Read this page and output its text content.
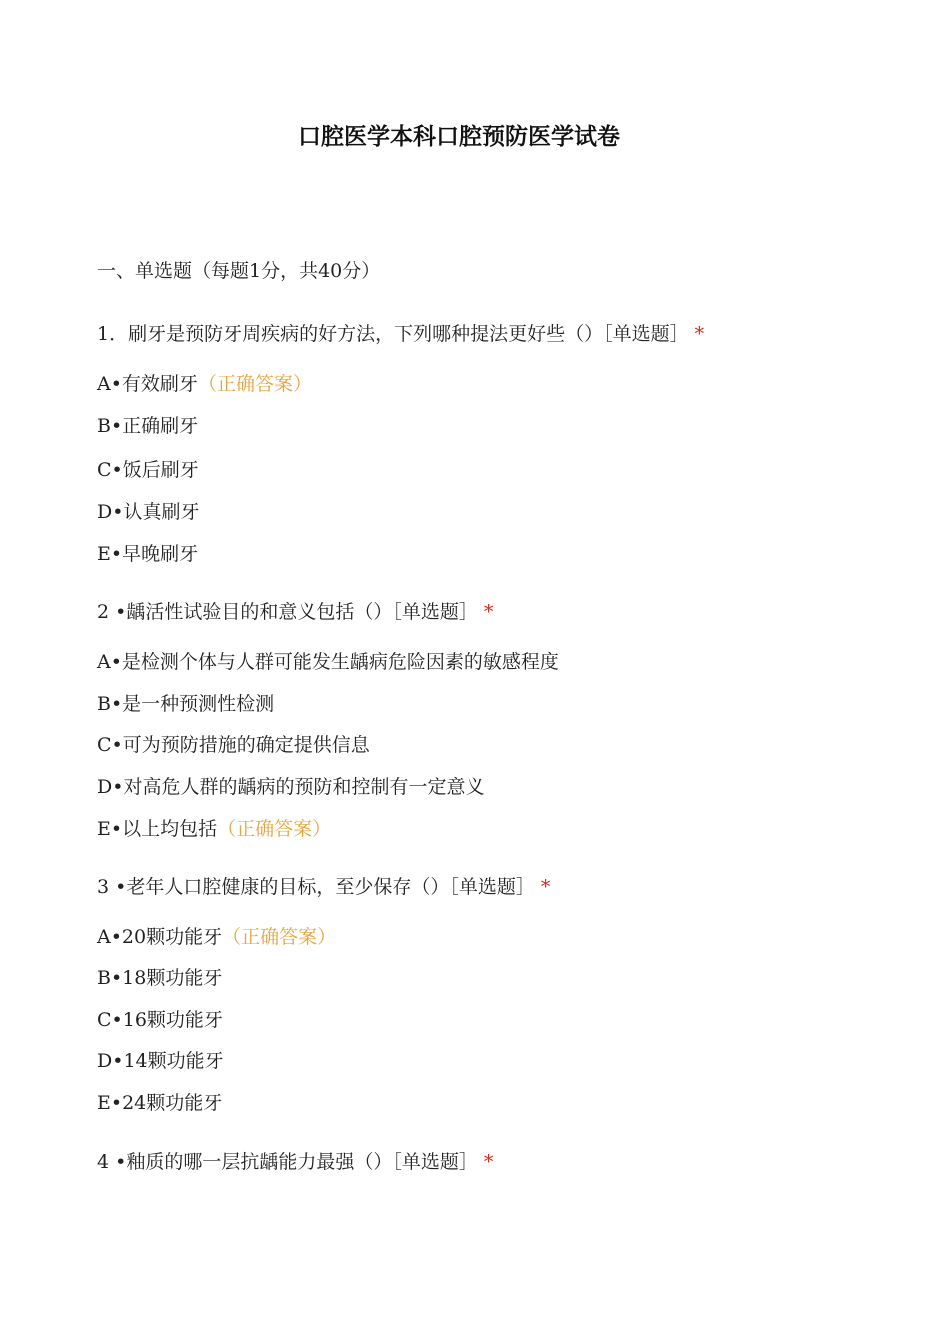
口腔医学本科口腔预防医学试卷
一、单选题（每题1分，共40分）
1．刷牙是预防牙周疾病的好方法，下列哪种提法更好些（）［单选题］ *
A•有效刷牙（正确答案）
B•正确刷牙
C•饭后刷牙
D•认真刷牙
E•早晚刷牙
2 •龋活性试验目的和意义包括（）［单选题］ *
A•是检测个体与人群可能发生龋病危险因素的敏感程度
B•是一种预测性检测
C•可为预防措施的确定提供信息
D•对高危人群的龋病的预防和控制有一定意义
E•以上均包括（正确答案）
3 •老年人口腔健康的目标，至少保存（）［单选题］ *
A•20颗功能牙（正确答案）
B•18颗功能牙
C•16颗功能牙
D•14颗功能牙
E•24颗功能牙
4 •釉质的哪一层抗龋能力最强（）［单选题］ *
